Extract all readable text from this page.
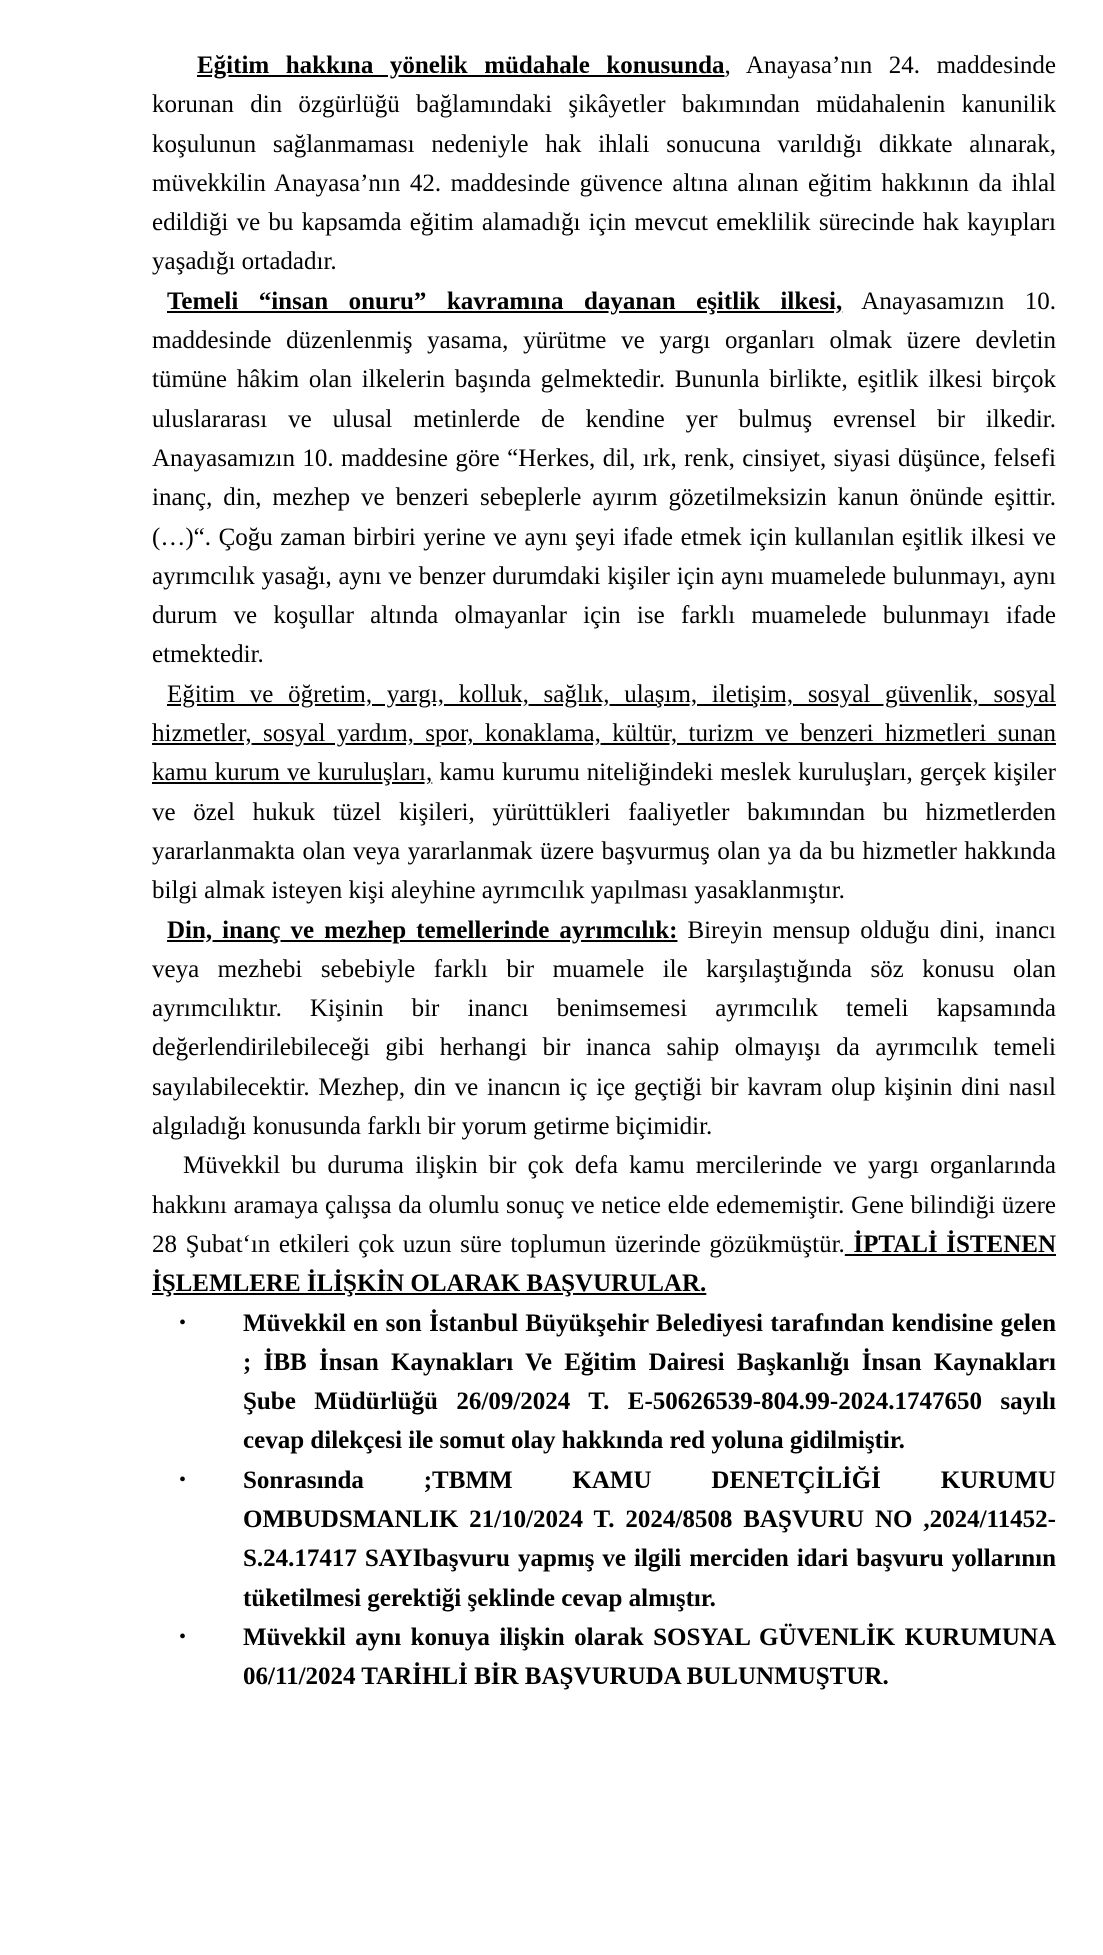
Eğitim hakkına yönelik müdahale konusunda, Anayasa’nın 24. maddesinde korunan din özgürlüğü bağlamındaki şikâyetler bakımından müdahalenin kanunilik koşulunun sağlanmaması nedeniyle hak ihlali sonucuna varıldığı dikkate alınarak, müvekkilin Anayasa’nın 42. maddesinde güvence altına alınan eğitim hakkının da ihlal edildiği ve bu kapsamda eğitim alamadığı için mevcut emeklilik sürecinde hak kayıpları yaşadığı ortadadır.

Temeli “insan onuru” kavramına dayanan eşitlik ilkesi, Anayasamızın 10. maddesinde düzenlenmiş yasama, yürütme ve yargı organları olmak üzere devletin tümüne hâkim olan ilkelerin başında gelmektedir. Bununla birlikte, eşitlik ilkesi birçok uluslararası ve ulusal metinlerde de kendine yer bulmuş evrensel bir ilkedir. Anayasamızın 10. maddesine göre “Herkes, dil, ırk, renk, cinsiyet, siyasi düşünce, felsefi inanç, din, mezhep ve benzeri sebeplerle ayırım gözetilmeksizin kanun önünde eşittir.(…)“. Çoğu zaman birbiri yerine ve aynı şeyi ifade etmek için kullanılan eşitlik ilkesi ve ayrımcılık yasağı, aynı ve benzer durumdaki kişiler için aynı muamelede bulunmayı, aynı durum ve koşullar altında olmayanlar için ise farklı muamelede bulunmayı ifade etmektedir.

Eğitim ve öğretim, yargı, kolluk, sağlık, ulaşım, iletişim, sosyal güvenlik, sosyal hizmetler, sosyal yardım, spor, konaklama, kültür, turizm ve benzeri hizmetleri sunan kamu kurum ve kuruluşları, kamu kurumu niteliğindeki meslek kuruluşları, gerçek kişiler ve özel hukuk tüzel kişileri, yürüttükleri faaliyetler bakımından bu hizmetlerden yararlanmakta olan veya yararlanmak üzere başvurmuş olan ya da bu hizmetler hakkında bilgi almak isteyen kişi aleyhine ayrımcılık yapılması yasaklanmıştır.

Din, inanç ve mezhep temellerinde ayrımcılık: Bireyin mensup olduğu dini, inancı veya mezhebi sebebiyle farklı bir muamele ile karşılaştığında söz konusu olan ayrımcılıktır. Kişinin bir inancı benimsemesi ayrımcılık temeli kapsamında değerlendirilebileceği gibi herhangi bir inanca sahip olmayışı da ayrımcılık temeli sayılabilecektir. Mezhep, din ve inancın iç içe geçtiği bir kavram olup kişinin dini nasıl algıladığı konusunda farklı bir yorum getirme biçimidir.

Müvekkil bu duruma ilişkin bir çok defa kamu mercilerinde ve yargı organlarında hakkını aramaya çalışsa da olumlu sonuç ve netice elde edememiştir. Gene bilindiği üzere 28 Şubat‘ın etkileri çok uzun süre toplumun üzerinde gözükmüştür. İPTALİ İSTENEN İŞLEMLERE İLİŞKİN OLARAK BAŞVURULAR.

• Müvekkil en son İstanbul Büyükşehir Belediyesi tarafından kendisine gelen ; İBB İnsan Kaynakları Ve Eğitim Dairesi Başkanlığı İnsan Kaynakları Şube Müdürlüğü 26/09/2024 T. E-50626539-804.99-2024.1747650 sayılı cevap dilekçesi ile somut olay hakkında red yoluna gidilmiştir.
• Sonrasında ;TBMM KAMU DENETÇİLİĞİ KURUMU OMBUDSMANLIK 21/10/2024 T. 2024/8508 BAŞVURU NO ,2024/11452-S.24.17417 SAYIbaşvuru yapmış ve ilgili merciden idari başvuru yollarının tüketilmesi gerektiği şeklinde cevap almıştır.
• Müvekkil aynı konuya ilişkin olarak SOSYAL GÜVENLİK KURUMUNA 06/11/2024 TARİHLİ BİR BAŞVURUDA BULUNMUŞTUR.
